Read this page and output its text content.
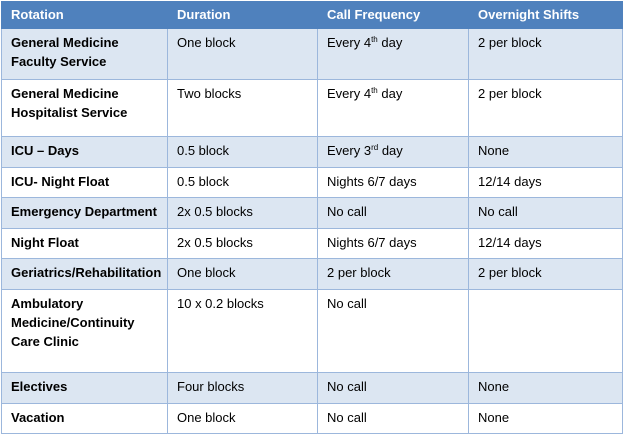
Rotation	Duration	Call Frequency	Overnight Shifts
General Medicine Faculty Service	One block	Every 4th day	2 per block
General Medicine Hospitalist Service	Two blocks	Every 4th day	2 per block
ICU – Days	0.5 block	Every 3rd day	None
ICU- Night Float	0.5 block	Nights 6/7 days	12/14 days
Emergency Department	2x 0.5 blocks	No call	No call
Night Float	2x 0.5 blocks	Nights 6/7 days	12/14 days
Geriatrics/Rehabilitation	One block	2 per block	2 per block
Ambulatory Medicine/Continuity Care Clinic	10 x 0.2 blocks	No call	
Electives	Four blocks	No call	None
Vacation	One block	No call	None
